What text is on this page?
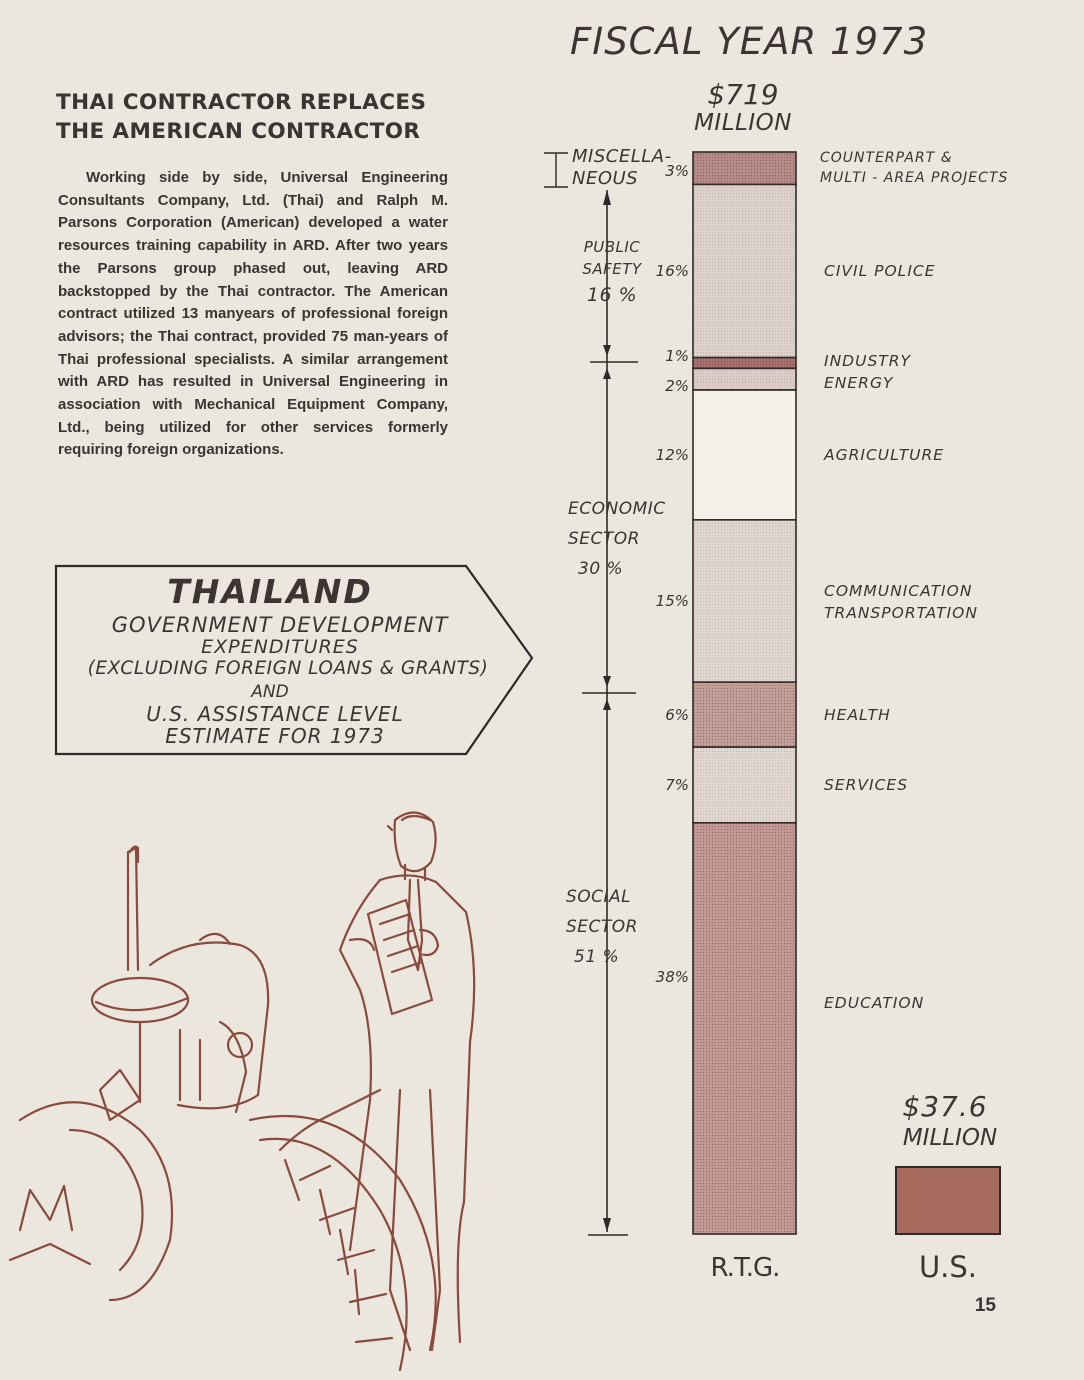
THAI CONTRACTOR REPLACES
THE AMERICAN CONTRACTOR
Working side by side, Universal Engineering Consultants Company, Ltd. (Thai) and Ralph M. Parsons Corporation (American) developed a water resources training capability in ARD. After two years the Parsons group phased out, leaving ARD backstopped by the Thai contractor. The American contract utilized 13 manyears of professional foreign advisors; the Thai contract, provided 75 man-years of Thai professional specialists. A similar arrangement with ARD has resulted in Universal Engineering in association with Mechanical Equipment Company, Ltd., being utilized for other services formerly requiring foreign organizations.
THAILAND
GOVERNMENT DEVELOPMENT
EXPENDITURES
(EXCLUDING FOREIGN LOANS & GRANTS)
AND
U.S. ASSISTANCE LEVEL
ESTIMATE FOR 1973
FISCAL YEAR 1973
$719
MILLION
3%
COUNTERPART &
MULTI - AREA PROJECTS
16%	CIVIL POLICE
1%	INDUSTRY
2%	ENERGY
12%	AGRICULTURE
15%
COMMUNICATION
TRANSPORTATION
6%	HEALTH
7%	SERVICES
38%
EDUCATION
MISCELLA-
NEOUS
PUBLIC
SAFETY
16 %
ECONOMIC
SECTOR
30 %
SOCIAL
SECTOR
51 %
$37.6
MILLION
R.T.G.	U.S.
15
